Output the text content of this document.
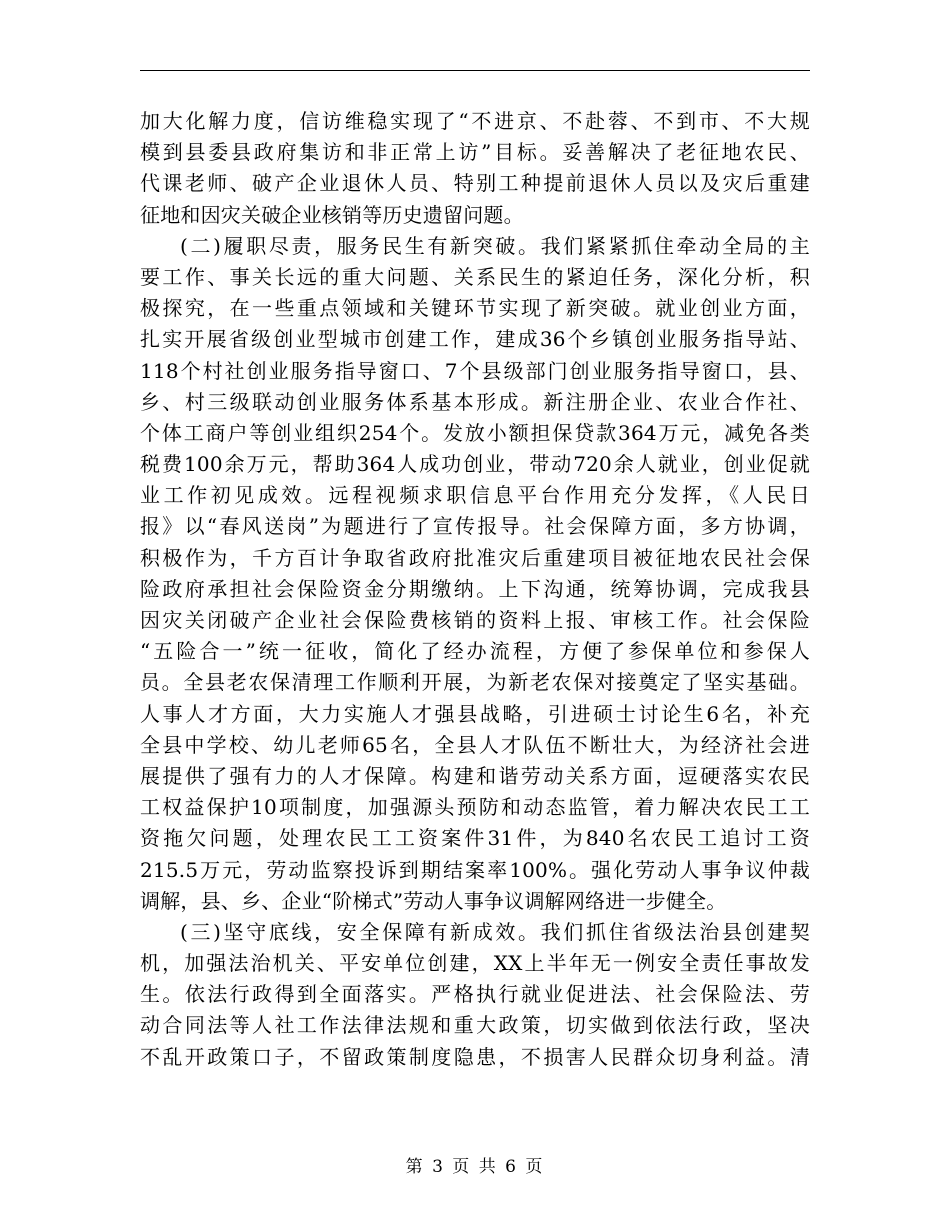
加大化解力度，信访维稳实现了“不进京、不赴蓉、不到市、不大规
模到县委县政府集访和非正常上访”目标。妥善解决了老征地农民、
代课老师、破产企业退休人员、特别工种提前退休人员以及灾后重建
征地和因灾关破企业核销等历史遗留问题。
(二)履职尽责，服务民生有新突破。我们紧紧抓住牵动全局的主
要工作、事关长远的重大问题、关系民生的紧迫任务，深化分析，积
极探究，在一些重点领域和关键环节实现了新突破。就业创业方面，
扎实开展省级创业型城市创建工作，建成36个乡镇创业服务指导站、
118个村社创业服务指导窗口、7个县级部门创业服务指导窗口，县、
乡、村三级联动创业服务体系基本形成。新注册企业、农业合作社、
个体工商户等创业组织254个。发放小额担保贷款364万元，减免各类
税费100余万元，帮助364人成功创业，带动720余人就业，创业促就
业工作初见成效。远程视频求职信息平台作用充分发挥，《人民日
报》以“春风送岗”为题进行了宣传报导。社会保障方面，多方协调，
积极作为，千方百计争取省政府批准灾后重建项目被征地农民社会保
险政府承担社会保险资金分期缴纳。上下沟通，统筹协调，完成我县
因灾关闭破产企业社会保险费核销的资料上报、审核工作。社会保险
“五险合一”统一征收，简化了经办流程，方便了参保单位和参保人
员。全县老农保清理工作顺利开展，为新老农保对接奠定了坚实基础。
人事人才方面，大力实施人才强县战略，引进硕士讨论生6名，补充
全县中学校、幼儿老师65名，全县人才队伍不断壮大，为经济社会进
展提供了强有力的人才保障。构建和谐劳动关系方面，逗硬落实农民
工权益保护10项制度，加强源头预防和动态监管，着力解决农民工工
资拖欠问题，处理农民工工资案件31件，为840名农民工追讨工资
215.5万元，劳动监察投诉到期结案率100%。强化劳动人事争议仲裁
调解，县、乡、企业“阶梯式”劳动人事争议调解网络进一步健全。
(三)坚守底线，安全保障有新成效。我们抓住省级法治县创建契
机，加强法治机关、平安单位创建，XX上半年无一例安全责任事故发
生。依法行政得到全面落实。严格执行就业促进法、社会保险法、劳
动合同法等人社工作法律法规和重大政策，切实做到依法行政，坚决
不乱开政策口子，不留政策制度隐患，不损害人民群众切身利益。清
第 3 页 共 6 页
